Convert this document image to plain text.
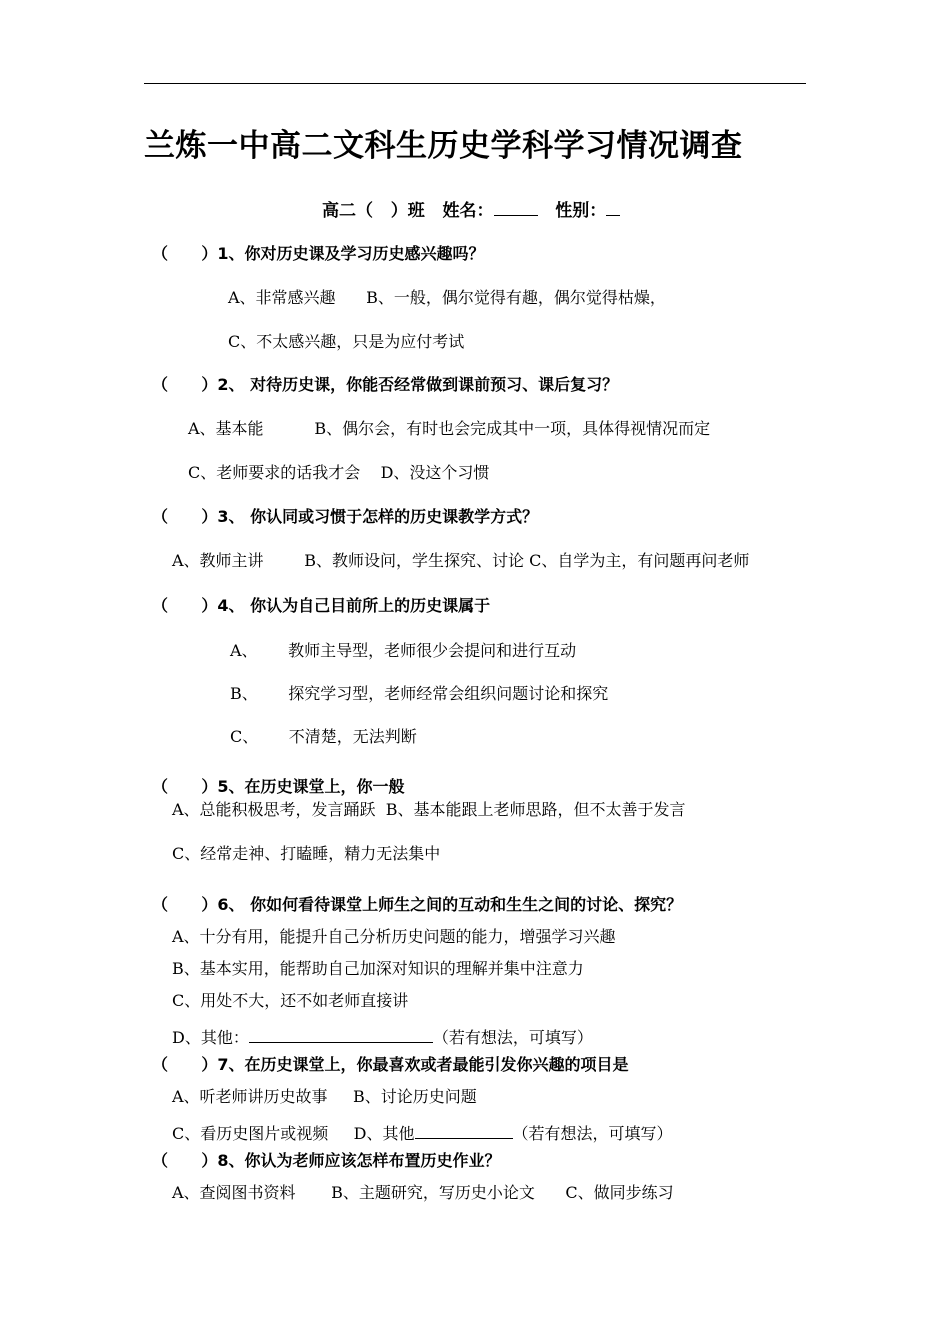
兰炼一中高二文科生历史学科学习情况调查
高二（   ）班 姓名：	性别：
（      ）1、你对历史课及学习历史感兴趣吗？
A、非常感兴趣      B、一般，偶尔觉得有趣，偶尔觉得枯燥，
C、不太感兴趣，只是为应付考试
（      ）2、 对待历史课，你能否经常做到课前预习、课后复习？
A、基本能          B、偶尔会，有时也会完成其中一项，具体得视情况而定
C、老师要求的话我才会    D、没这个习惯
（      ）3、 你认同或习惯于怎样的历史课教学方式？
A、教师主讲        B、教师设问，学生探究、讨论 C、自学为主，有问题再问老师
（      ）4、 你认为自己目前所上的历史课属于
A、      教师主导型，老师很少会提问和进行互动
B、      探究学习型，老师经常会组织问题讨论和探究
C、      不清楚，无法判断
（      ）5、在历史课堂上，你一般
A、总能积极思考，发言踊跃  B、基本能跟上老师思路，但不太善于发言
C、经常走神、打瞌睡，精力无法集中
（      ）6、 你如何看待课堂上师生之间的互动和生生之间的讨论、探究？
A、十分有用，能提升自己分析历史问题的能力，增强学习兴趣
B、基本实用，能帮助自己加深对知识的理解并集中注意力
C、用处不大，还不如老师直接讲
D、其他：	（若有想法，可填写）
（      ）7、在历史课堂上，你最喜欢或者最能引发你兴趣的项目是
A、听老师讲历史故事     B、讨论历史问题
C、看历史图片或视频     D、其他	（若有想法，可填写）
（      ）8、你认为老师应该怎样布置历史作业？
A、查阅图书资料       B、主题研究，写历史小论文      C、做同步练习
